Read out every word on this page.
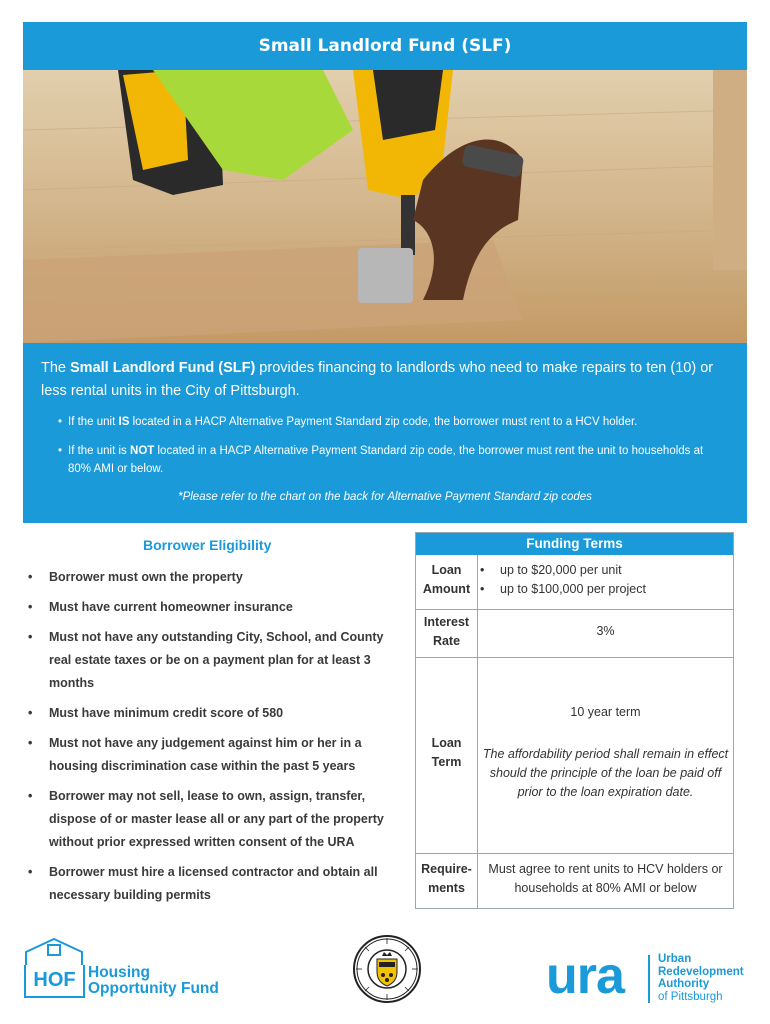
Small Landlord Fund (SLF)
The Small Landlord Fund (SLF) provides financing to landlords who need to make repairs to ten (10) or less rental units in the City of Pittsburgh.
• If the unit IS located in a HACP Alternative Payment Standard zip code, the borrower must rent to a HCV holder.
• If the unit is NOT located in a HACP Alternative Payment Standard zip code, the borrower must rent the unit to households at 80% AMI or below.
*Please refer to the chart on the back for Alternative Payment Standard zip codes
Borrower Eligibility
• Borrower must own the property
• Must have current homeowner insurance
• Must not have any outstanding City, School, and County real estate taxes or be on a payment plan for at least 3 months
• Must have minimum credit score of 580
• Must not have any judgement against him or her in a housing discrimination case within the past 5 years
• Borrower may not sell, lease to own, assign, transfer, dispose of or master lease all or any part of the property without prior expressed written consent of the URA
• Borrower must hire a licensed contractor and obtain all necessary building permits
Funding Terms
Loan
Amount
• up to $20,000 per unit
• up to $100,000 per project
Interest
Rate
3%
Loan
Term
10 year term
The affordability period shall remain in effect should the principle of the loan be paid off prior to the loan expiration date.
Require-
ments
Must agree to rent units to HCV holders or households at 80% AMI or below
HOF Housing
Opportunity Fund	ura	Urban
Redevelopment
Authority
of Pittsburgh
